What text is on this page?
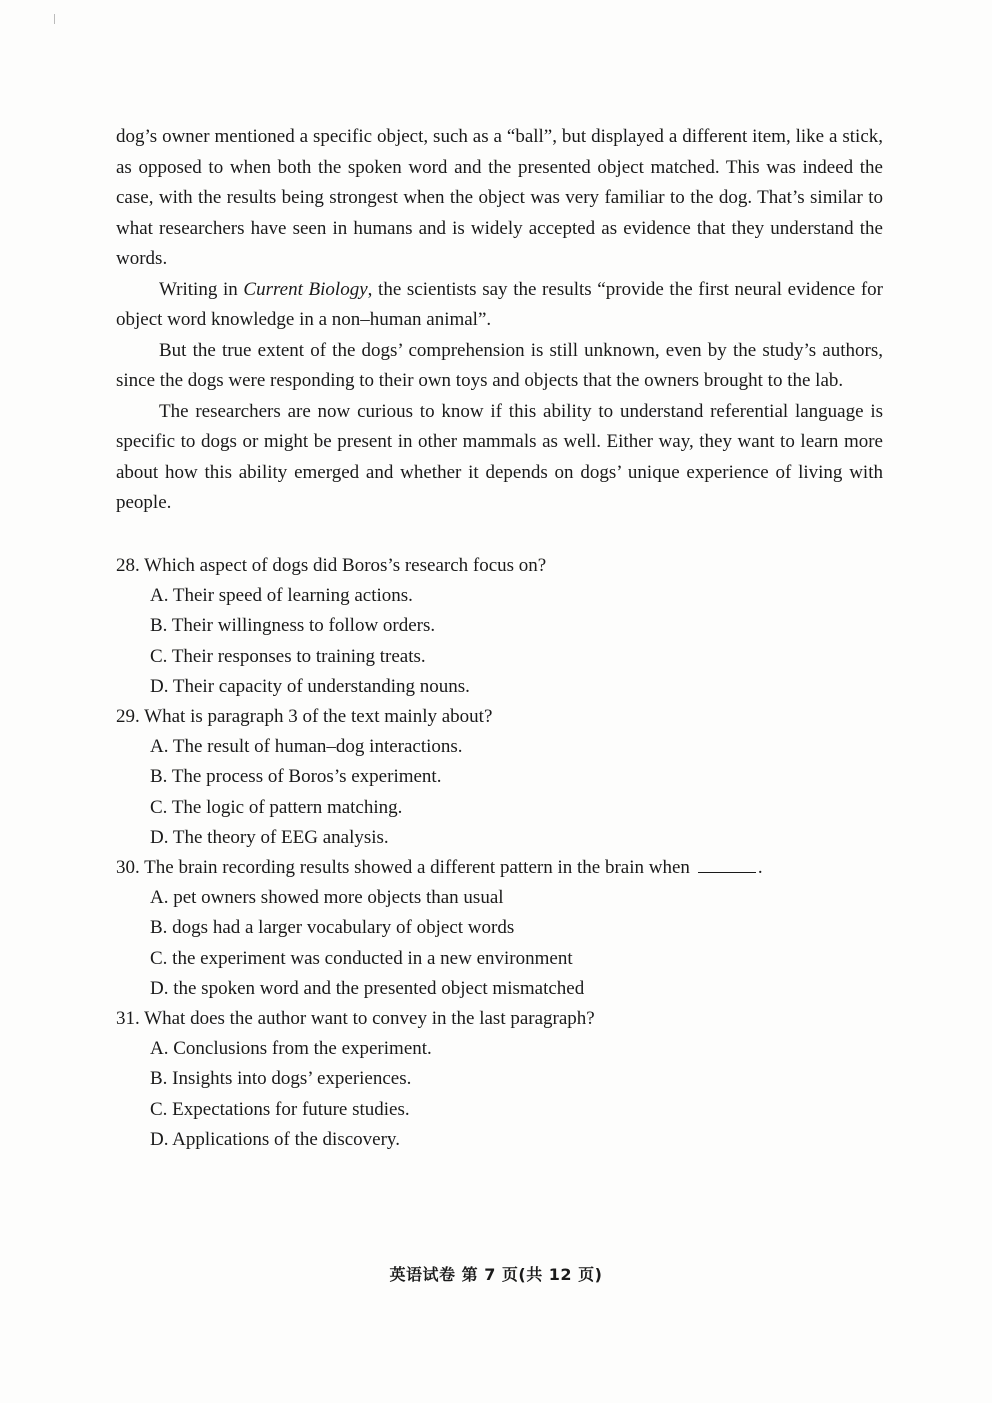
dog’s owner mentioned a specific object, such as a “ball”, but displayed a different item, like a stick, as opposed to when both the spoken word and the presented object matched. This was indeed the case, with the results being strongest when the object was very familiar to the dog. That’s similar to what researchers have seen in humans and is widely accepted as evidence that they understand the words.

Writing in Current Biology, the scientists say the results “provide the first neural evidence for object word knowledge in a non–human animal”.

But the true extent of the dogs’ comprehension is still unknown, even by the study’s authors, since the dogs were responding to their own toys and objects that the owners brought to the lab.

The researchers are now curious to know if this ability to understand referential language is specific to dogs or might be present in other mammals as well. Either way, they want to learn more about how this ability emerged and whether it depends on dogs’ unique experience of living with people.

28. Which aspect of dogs did Boros’s research focus on?
A. Their speed of learning actions.
B. Their willingness to follow orders.
C. Their responses to training treats.
D. Their capacity of understanding nouns.
29. What is paragraph 3 of the text mainly about?
A. The result of human–dog interactions.
B. The process of Boros’s experiment.
C. The logic of pattern matching.
D. The theory of EEG analysis.
30. The brain recording results showed a different pattern in the brain when	.
A. pet owners showed more objects than usual
B. dogs had a larger vocabulary of object words
C. the experiment was conducted in a new environment
D. the spoken word and the presented object mismatched
31. What does the author want to convey in the last paragraph?
A. Conclusions from the experiment.
B. Insights into dogs’ experiences.
C. Expectations for future studies.
D. Applications of the discovery.
英语试卷 第 7 页(共 12 页)
